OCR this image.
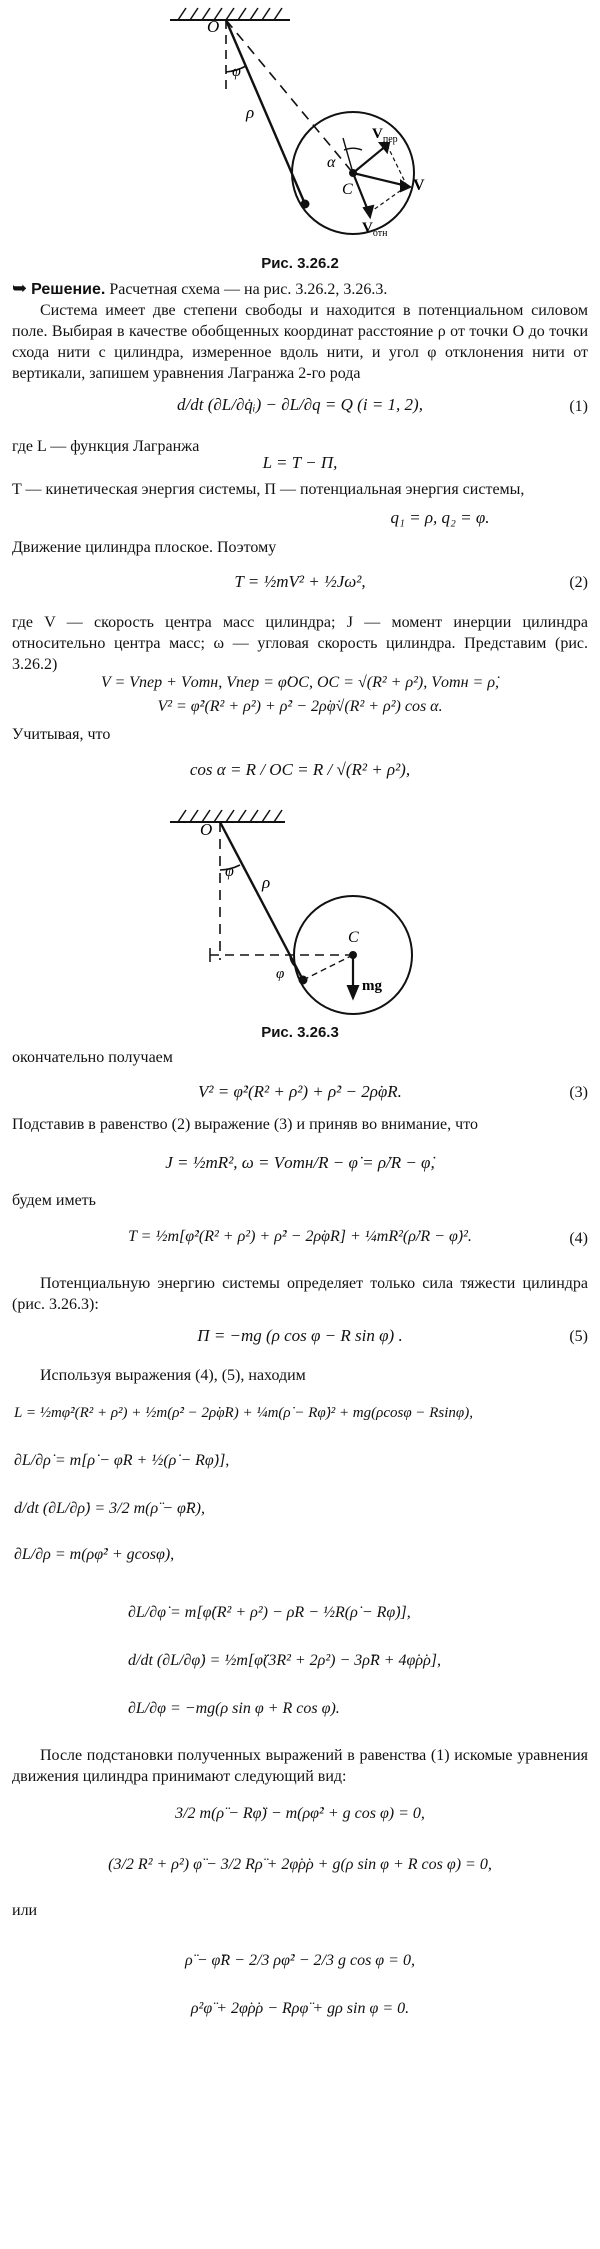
O
φ
ρ
α
C	V
$V_{пер}$
$V_{отн}$
Рис. 3.26.2
➥ Решение. Расчетная схема — на рис. 3.26.2, 3.26.3.
Система имеет две степени свободы и находится в потенциальном силовом поле. Выбирая в качестве обобщенных координат расстояние ρ от точки O до точки схода нити с цилиндра, измеренное вдоль нити, и угол φ отклонения нити от вертикали, запишем уравнения Лагранжа 2-го рода
d/dt (∂L/∂q̇ᵢ) − ∂L/∂q = Q (i = 1, 2),	(1)
где L — функция Лагранжа
L = T − Π,
T — кинетическая энергия системы, Π — потенциальная энергия системы,
q₁ = ρ, q₂ = φ.
Движение цилиндра плоское. Поэтому
T = ½mV² + ½Jω²,	(2)
где V — скорость центра масс цилиндра; J — момент инерции цилиндра относительно центра масс; ω — угловая скорость цилиндра. Представим (рис. 3.26.2)
V = Vпер + Vотн, Vпер = φ̇OC, OC = √(R² + ρ²), Vотн = ρ̇,
V² = φ̇²(R² + ρ²) + ρ̇² − 2ρ̇φ̇√(R² + ρ²) cos α.
Учитывая, что
cos α = R / OC = R / √(R² + ρ²),
O
φ
ρ
C
φ
mg
Рис. 3.26.3
окончательно получаем
V² = φ̇²(R² + ρ²) + ρ̇² − 2ρ̇φ̇R.	(3)
Подставив в равенство (2) выражение (3) и приняв во внимание, что
J = ½mR², ω = Vотн/R − φ̇ = ρ̇/R − φ̇,
будем иметь
T = ½m[φ̇²(R² + ρ²) + ρ̇² − 2ρ̇φ̇R] + ¼mR²(ρ̇/R − φ̇)².	(4)
Потенциальную энергию системы определяет только сила тяжести цилиндра (рис. 3.26.3):
Π = −mg (ρ cos φ − R sin φ) .	(5)
Используя выражения (4), (5), находим
L = ½mφ̇²(R² + ρ²) + ½m(ρ̇² − 2ρ̇φ̇R) + ¼m(ρ̇ − Rφ̇)² + mg(ρcosφ − Rsinφ),
∂L/∂ρ̇ = m[ρ̇ − φ̇R + ½(ρ̇ − Rφ̇)],
d/dt (∂L/∂ρ̇) = 3/2 m(ρ̈ − φ̈R),
∂L/∂ρ = m(ρφ̇² + gcosφ),
∂L/∂φ̇ = m[φ̇(R² + ρ²) − ρ̇R − ½R(ρ̇ − Rφ̇)],
d/dt (∂L/∂φ̇) = ½m[φ̈(3R² + 2ρ²) − 3ρ̈R + 4φ̇ρ̇ρ],
∂L/∂φ = −mg(ρ sin φ + R cos φ).
После подстановки полученных выражений в равенства (1) искомые уравнения движения цилиндра принимают следующий вид:
3/2 m(ρ̈ − Rφ̈) − m(ρφ̇² + g cos φ) = 0,
(3/2 R² + ρ²) φ̈ − 3/2 Rρ̈ + 2φ̇ρ̇ρ + g(ρ sin φ + R cos φ) = 0,
или
ρ̈ − φ̈R − 2/3 ρφ̇² − 2/3 g cos φ = 0,
ρ²φ̈ + 2φ̇ρ̇ρ − Rρφ̈ + gρ sin φ = 0.
